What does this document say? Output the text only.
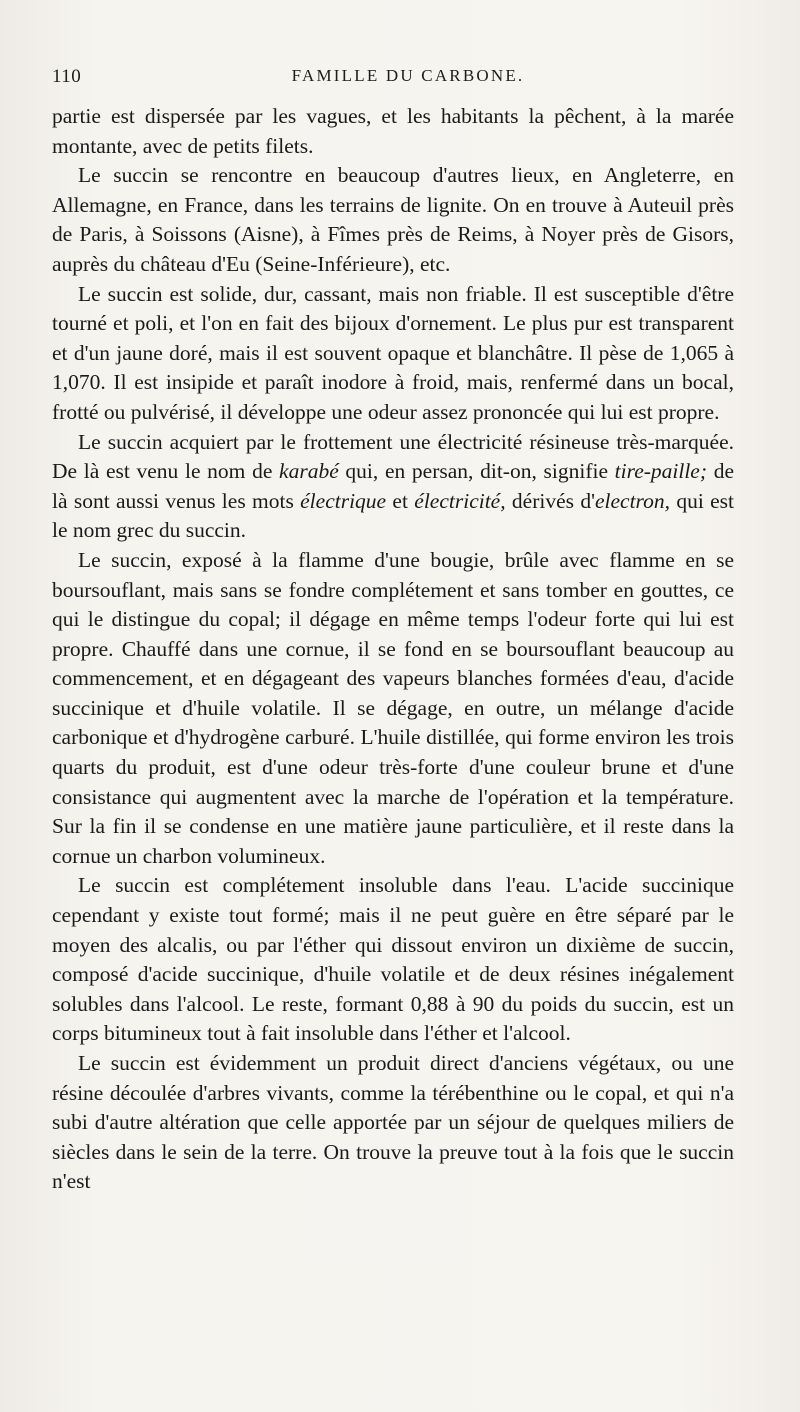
110	FAMILLE DU CARBONE.

partie est dispersée par les vagues, et les habitants la pêchent, à la marée montante, avec de petits filets.

Le succin se rencontre en beaucoup d'autres lieux, en Angleterre, en Allemagne, en France, dans les terrains de lignite. On en trouve à Auteuil près de Paris, à Soissons (Aisne), à Fîmes près de Reims, à Noyer près de Gisors, auprès du château d'Eu (Seine-Inférieure), etc.

Le succin est solide, dur, cassant, mais non friable. Il est susceptible d'être tourné et poli, et l'on en fait des bijoux d'ornement. Le plus pur est transparent et d'un jaune doré, mais il est souvent opaque et blanchâtre. Il pèse de 1,065 à 1,070. Il est insipide et paraît inodore à froid, mais, renfermé dans un bocal, frotté ou pulvérisé, il développe une odeur assez prononcée qui lui est propre.

Le succin acquiert par le frottement une électricité résineuse très-marquée. De là est venu le nom de karabé qui, en persan, dit-on, signifie tire-paille; de là sont aussi venus les mots électrique et électricité, dérivés d'electron, qui est le nom grec du succin.

Le succin, exposé à la flamme d'une bougie, brûle avec flamme en se boursouflant, mais sans se fondre complétement et sans tomber en gouttes, ce qui le distingue du copal; il dégage en même temps l'odeur forte qui lui est propre. Chauffé dans une cornue, il se fond en se boursouflant beaucoup au commencement, et en dégageant des vapeurs blanches formées d'eau, d'acide succinique et d'huile volatile. Il se dégage, en outre, un mélange d'acide carbonique et d'hydrogène carburé. L'huile distillée, qui forme environ les trois quarts du produit, est d'une odeur très-forte d'une couleur brune et d'une consistance qui augmentent avec la marche de l'opération et la température. Sur la fin il se condense en une matière jaune particulière, et il reste dans la cornue un charbon volumineux.

Le succin est complétement insoluble dans l'eau. L'acide succinique cependant y existe tout formé; mais il ne peut guère en être séparé par le moyen des alcalis, ou par l'éther qui dissout environ un dixième de succin, composé d'acide succinique, d'huile volatile et de deux résines inégalement solubles dans l'alcool. Le reste, formant 0,88 à 90 du poids du succin, est un corps bitumineux tout à fait insoluble dans l'éther et l'alcool.

Le succin est évidemment un produit direct d'anciens végétaux, ou une résine découlée d'arbres vivants, comme la térébenthine ou le copal, et qui n'a subi d'autre altération que celle apportée par un séjour de quelques miliers de siècles dans le sein de la terre. On trouve la preuve tout à la fois que le succin n'est
